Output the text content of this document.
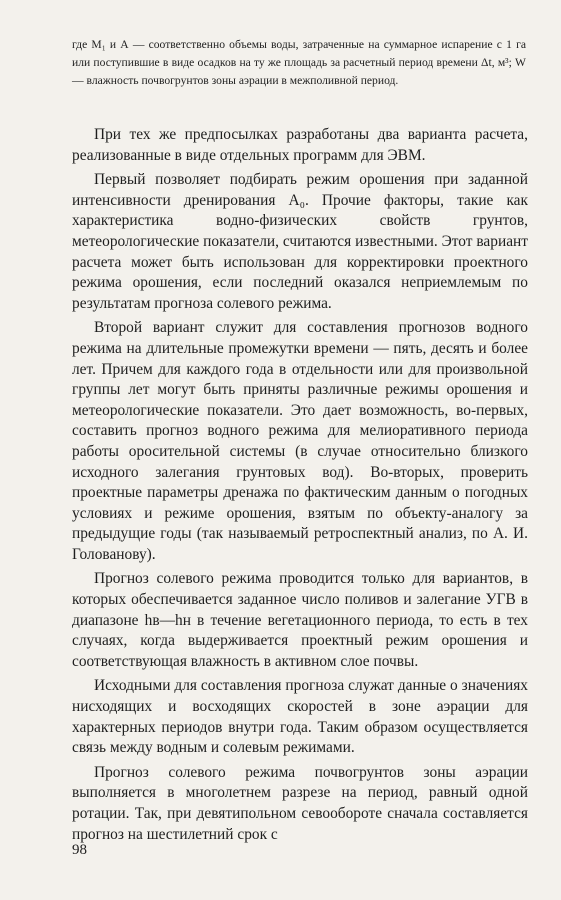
где М₁ и А — соответственно объемы воды, затраченные на суммарное испарение с 1 га или поступившие в виде осадков на ту же площадь за расчетный период времени Δt, м³; W — влажность почвогрунтов зоны аэрации в межполивной период.

При тех же предпосылках разработаны два варианта расчета, реализованные в виде отдельных программ для ЭВМ.

Первый позволяет подбирать режим орошения при заданной интенсивности дренирования A₀. Прочие факторы, такие как характеристика водно-физических свойств грунтов, метеорологические показатели, считаются известными. Этот вариант расчета может быть использован для корректировки проектного режима орошения, если последний оказался неприемлемым по результатам прогноза солевого режима.

Второй вариант служит для составления прогнозов водного режима на длительные промежутки времени — пять, десять и более лет. Причем для каждого года в отдельности или для произвольной группы лет могут быть приняты различные режимы орошения и метеорологические показатели. Это дает возможность, во-первых, составить прогноз водного режима для мелиоративного периода работы оросительной системы (в случае относительно близкого исходного залегания грунтовых вод). Во-вторых, проверить проектные параметры дренажа по фактическим данным о погодных условиях и режиме орошения, взятым по объекту-аналогу за предыдущие годы (так называемый ретроспектный анализ, по А. И. Голованову).

Прогноз солевого режима проводится только для вариантов, в которых обеспечивается заданное число поливов и залегание УГВ в диапазоне hв—hн в течение вегетационного периода, то есть в тех случаях, когда выдерживается проектный режим орошения и соответствующая влажность в активном слое почвы.

Исходными для составления прогноза служат данные о значениях нисходящих и восходящих скоростей в зоне аэрации для характерных периодов внутри года. Таким образом осуществляется связь между водным и солевым режимами.

Прогноз солевого режима почвогрунтов зоны аэрации выполняется в многолетнем разрезе на период, равный одной ротации. Так, при девятипольном севообороте сначала составляется прогноз на шестилетний срок с

98
